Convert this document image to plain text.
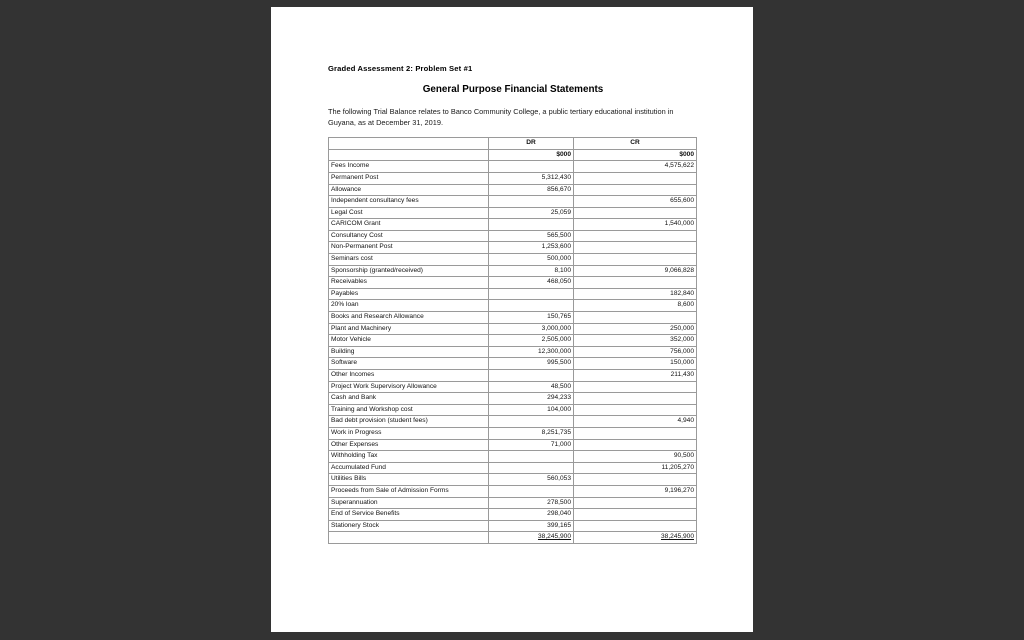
Graded Assessment 2: Problem Set #1
General Purpose Financial Statements

The following Trial Balance relates to Banco Community College, a public tertiary educational institution in Guyana, as at December 31, 2019.

	DR	CR
	$000	$000
Fees Income		4,575,622
Permanent Post	5,312,430	
Allowance	856,670	
Independent consultancy fees		655,600
Legal Cost	25,059	
CARICOM Grant		1,540,000
Consultancy Cost	565,500	
Non-Permanent Post	1,253,600	
Seminars cost	500,000	
Sponsorship (granted/received)	8,100	9,066,828
Receivables	468,050	
Payables		182,840
20% loan		8,600
Books and Research Allowance	150,765	
Plant and Machinery	3,000,000	250,000
Motor Vehicle	2,505,000	352,000
Building	12,300,000	756,000
Software	995,500	150,000
Other Incomes		211,430
Project Work Supervisory Allowance	48,500	
Cash and Bank	294,233	
Training and Workshop cost	104,000	
Bad debt provision (student fees)		4,940
Work in Progress	8,251,735	
Other Expenses	71,000	
Withholding Tax		90,500
Accumulated Fund		11,205,270
Utilities Bills	560,053	
Proceeds from Sale of Admission Forms		9,196,270
Superannuation	278,500	
End of Service Benefits	298,040	
Stationery Stock	399,165	
	38,245,900	38,245,900
